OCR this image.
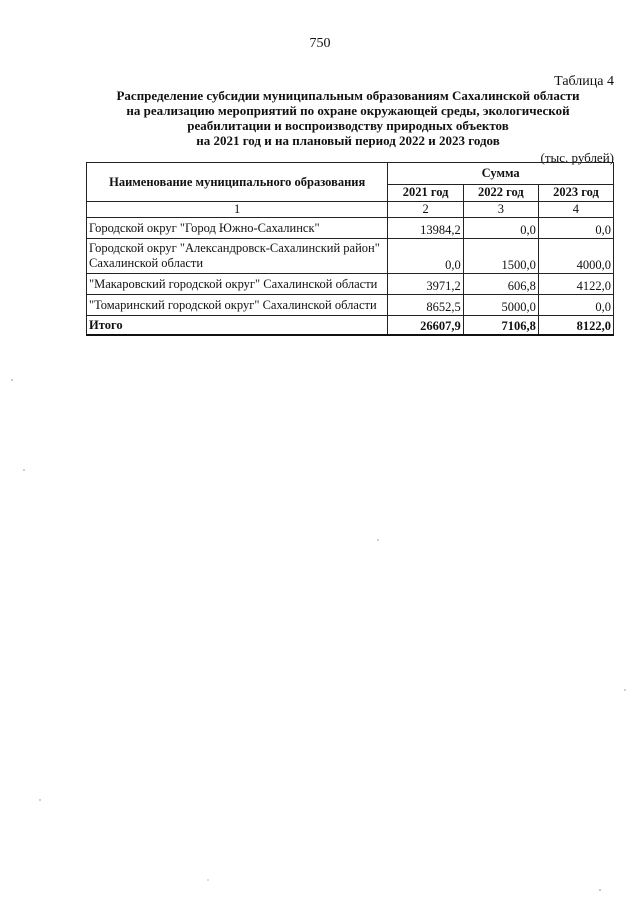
750
Таблица 4
Распределение субсидии муниципальным образованиям Сахалинской области
на реализацию мероприятий по охране окружающей среды, экологической
реабилитации и воспроизводству природных объектов
на 2021 год и на плановый период 2022 и 2023 годов
(тыс. рублей)
Наименование муниципального образования	Сумма		
	2021 год	2022 год	2023 год
1	2	3	4
Городской округ "Город Южно-Сахалинск"	13984,2	0,0	0,0
Городской округ "Александровск-Сахалинский район" Сахалинской области	0,0	1500,0	4000,0
"Макаровский городской округ" Сахалинской области	3971,2	606,8	4122,0
"Томаринский городской округ" Сахалинской области	8652,5	5000,0	0,0
Итого	26607,9	7106,8	8122,0
